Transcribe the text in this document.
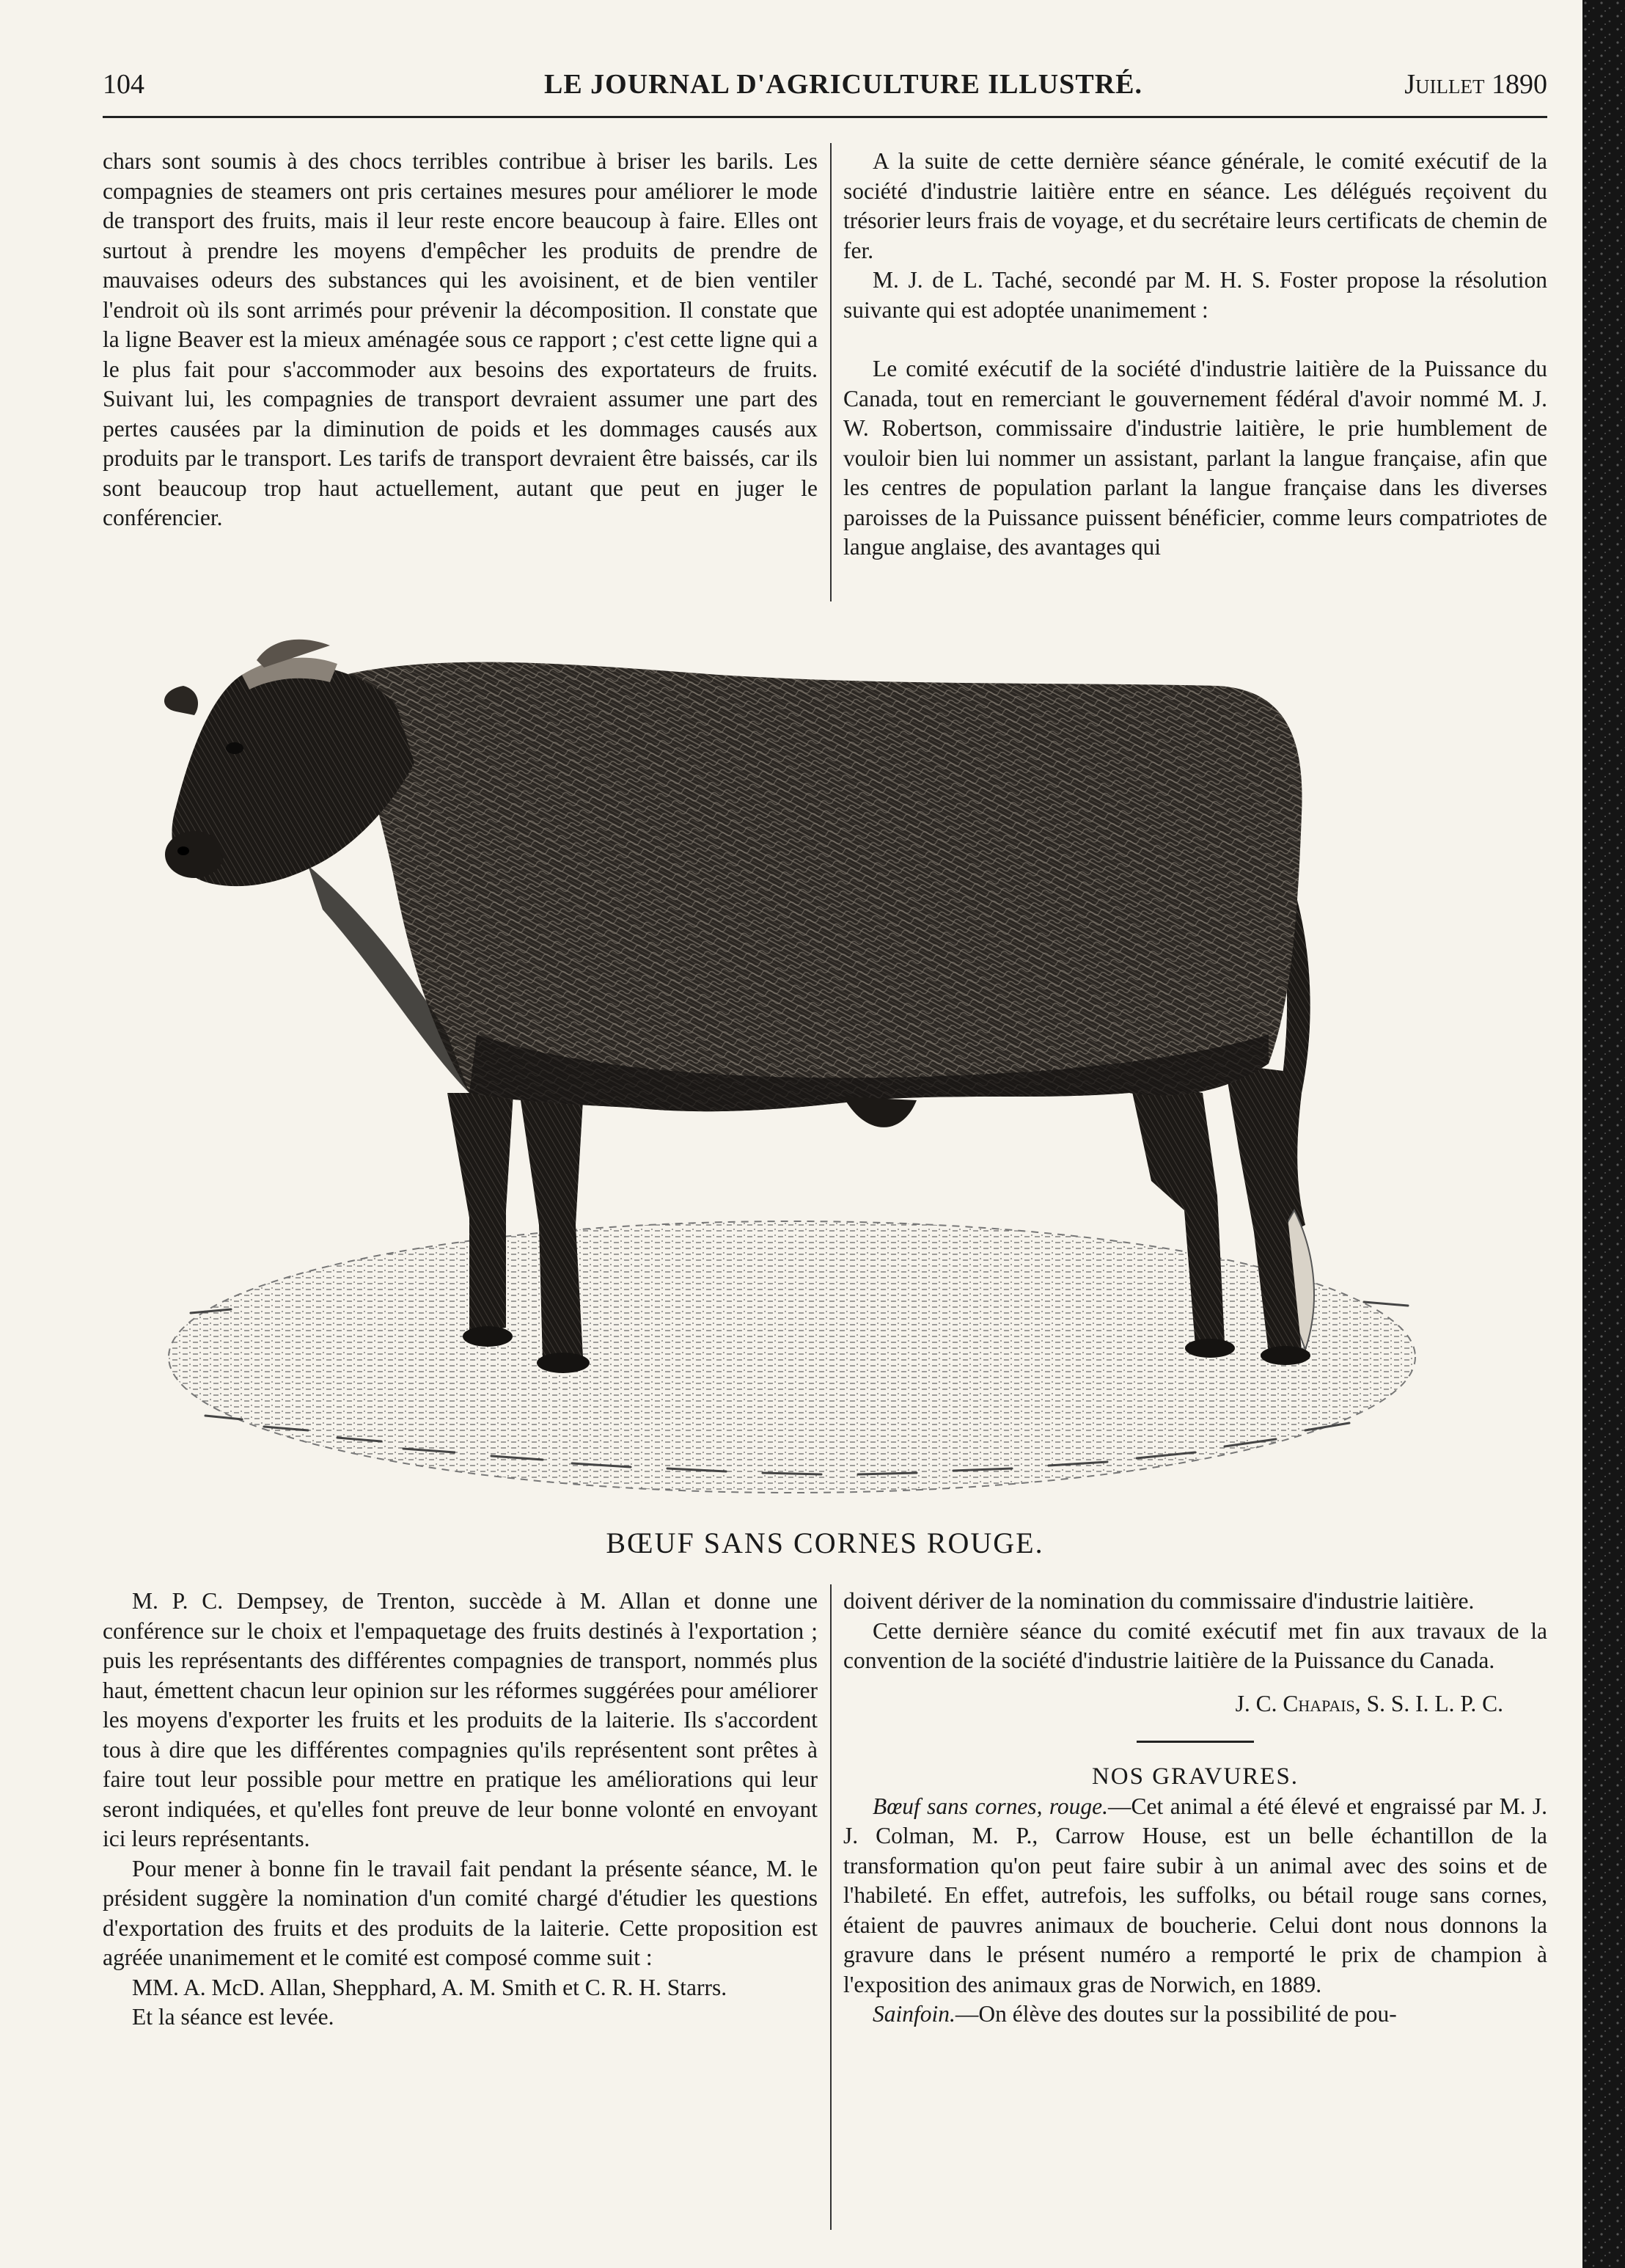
104	LE JOURNAL D'AGRICULTURE ILLUSTRÉ.	Juillet 1890

chars sont soumis à des chocs terribles contribue à briser les barils. Les compagnies de steamers ont pris certaines mesures pour améliorer le mode de transport des fruits, mais il leur reste encore beaucoup à faire. Elles ont surtout à prendre les moyens d'empêcher les produits de prendre de mauvaises odeurs des substances qui les avoisinent, et de bien ventiler l'endroit où ils sont arrimés pour prévenir la décomposition. Il constate que la ligne Beaver est la mieux aménagée sous ce rapport ; c'est cette ligne qui a le plus fait pour s'accommoder aux besoins des exportateurs de fruits. Suivant lui, les compagnies de transport devraient assumer une part des pertes causées par la diminution de poids et les dommages causés aux produits par le transport. Les tarifs de transport devraient être baissés, car ils sont beaucoup trop haut actuellement, autant que peut en juger le conférencier.

A la suite de cette dernière séance générale, le comité exécutif de la société d'industrie laitière entre en séance. Les délégués reçoivent du trésorier leurs frais de voyage, et du secrétaire leurs certificats de chemin de fer.

M. J. de L. Taché, secondé par M. H. S. Foster propose la résolution suivante qui est adoptée unanimement :

Le comité exécutif de la société d'industrie laitière de la Puissance du Canada, tout en remerciant le gouvernement fédéral d'avoir nommé M. J. W. Robertson, commissaire d'industrie laitière, le prie humblement de vouloir bien lui nommer un assistant, parlant la langue française, afin que les centres de population parlant la langue française dans les diverses paroisses de la Puissance puissent bénéficier, comme leurs compatriotes de langue anglaise, des avantages qui

BŒUF SANS CORNES ROUGE.

M. P. C. Dempsey, de Trenton, succède à M. Allan et donne une conférence sur le choix et l'empaquetage des fruits destinés à l'exportation ; puis les représentants des différentes compagnies de transport, nommés plus haut, émettent chacun leur opinion sur les réformes suggérées pour améliorer les moyens d'exporter les fruits et les produits de la laiterie. Ils s'accordent tous à dire que les différentes compagnies qu'ils représentent sont prêtes à faire tout leur possible pour mettre en pratique les améliorations qui leur seront indiquées, et qu'elles font preuve de leur bonne volonté en envoyant ici leurs représentants.

Pour mener à bonne fin le travail fait pendant la présente séance, M. le président suggère la nomination d'un comité chargé d'étudier les questions d'exportation des fruits et des produits de la laiterie. Cette proposition est agréée unanimement et le comité est composé comme suit :

MM. A. McD. Allan, Shepphard, A. M. Smith et C. R. H. Starrs.

Et la séance est levée.

doivent dériver de la nomination du commissaire d'industrie laitière.

Cette dernière séance du comité exécutif met fin aux travaux de la convention de la société d'industrie laitière de la Puissance du Canada.

J. C. Chapais, S. S. I. L. P. C.

NOS GRAVURES.

Bœuf sans cornes, rouge.—Cet animal a été élevé et engraissé par M. J. J. Colman, M. P., Carrow House, est un belle échantillon de la transformation qu'on peut faire subir à un animal avec des soins et de l'habileté. En effet, autrefois, les suffolks, ou bétail rouge sans cornes, étaient de pauvres animaux de boucherie. Celui dont nous donnons la gravure dans le présent numéro a remporté le prix de champion à l'exposition des animaux gras de Norwich, en 1889.

Sainfoin.—On élève des doutes sur la possibilité de pou-
